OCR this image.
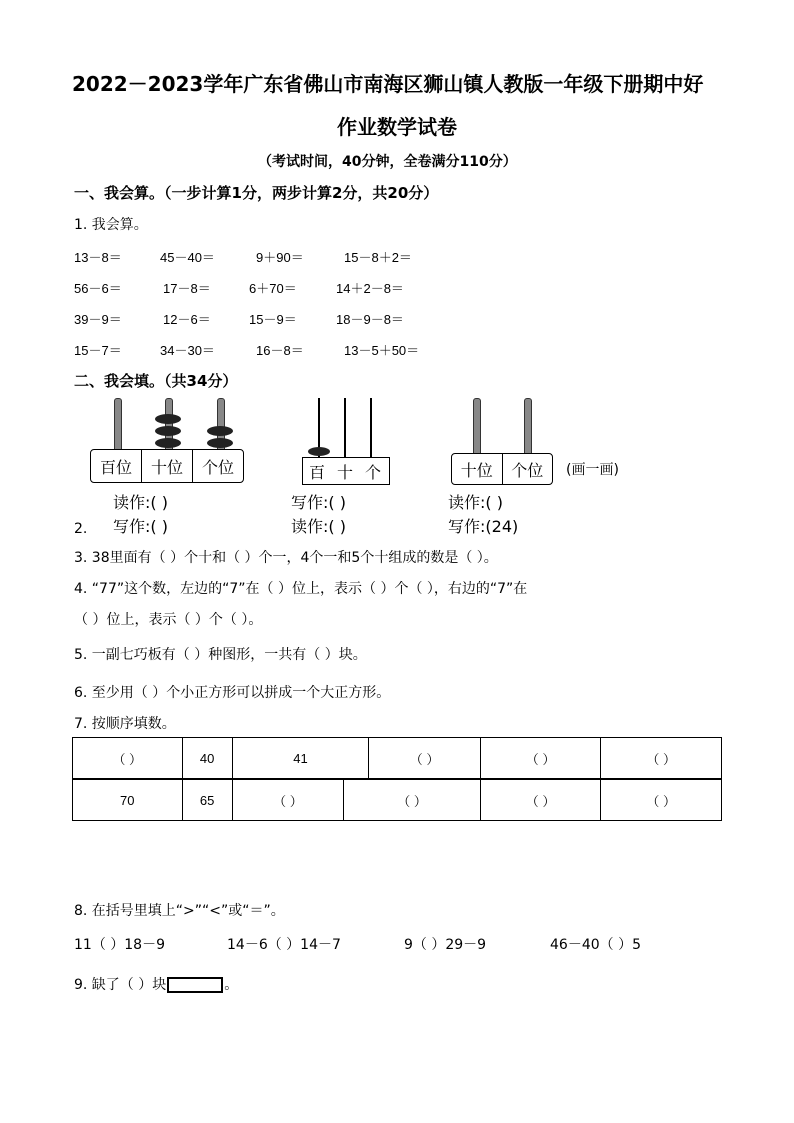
2022－2023学年广东省佛山市南海区狮山镇人教版一年级下册期中好
作业数学试卷
（考试时间，40分钟，全卷满分110分）
一、我会算。（一步计算1分，两步计算2分，共20分）
1. 我会算。
13－8＝	45－40＝	9＋90＝	15－8＋2＝
56－6＝	17－8＝	6＋70＝	14＋2－8＝
39－9＝	12－6＝	15－9＝	18－9－8＝
15－7＝	34－30＝	16－8＝	13－5＋50＝
二、我会填。（共34分）
百位	十位	个位
读作:( )
2. 写作:( )
百 十 个
写作:( )
读作:( )
十位	个位	(画一画)
读作:( )
写作:(24)
3. 38里面有（ ）个十和（ ）个一，4个一和5个十组成的数是（ ）。
4. “77”这个数，左边的“7”在（ ）位上，表示（ ）个（ ），右边的“7”在
（ ）位上，表示（ ）个（ ）。
5. 一副七巧板有（ ）种图形，一共有（ ）块。
6. 至少用（ ）个小正方形可以拼成一个大正方形。
7. 按顺序填数。
（ ）	40	41	（ ）	（ ）	（ ）
70	65	（ ）	（ ）	（ ）	（ ）
8. 在括号里填上“>”“<”或“＝”。
11（ ）18－9	14－6（ ）14－7	9（ ）29－9	46－40（ ）5
9. 缺了（ ）块	。
